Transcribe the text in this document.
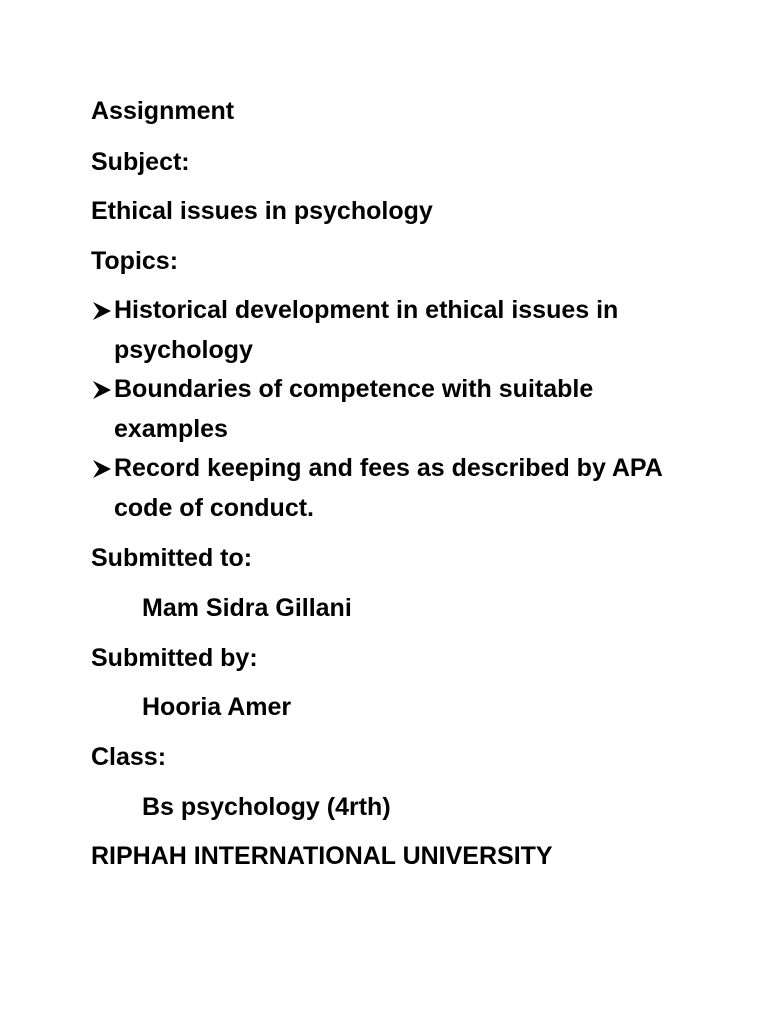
Assignment
Subject:
Ethical issues in psychology
Topics:
Historical development in ethical issues in psychology
Boundaries of competence with suitable examples
Record keeping and fees as described by APA code of conduct.
Submitted to:
Mam Sidra Gillani
Submitted by:
Hooria Amer
Class:
Bs psychology (4rth)
RIPHAH INTERNATIONAL UNIVERSITY
